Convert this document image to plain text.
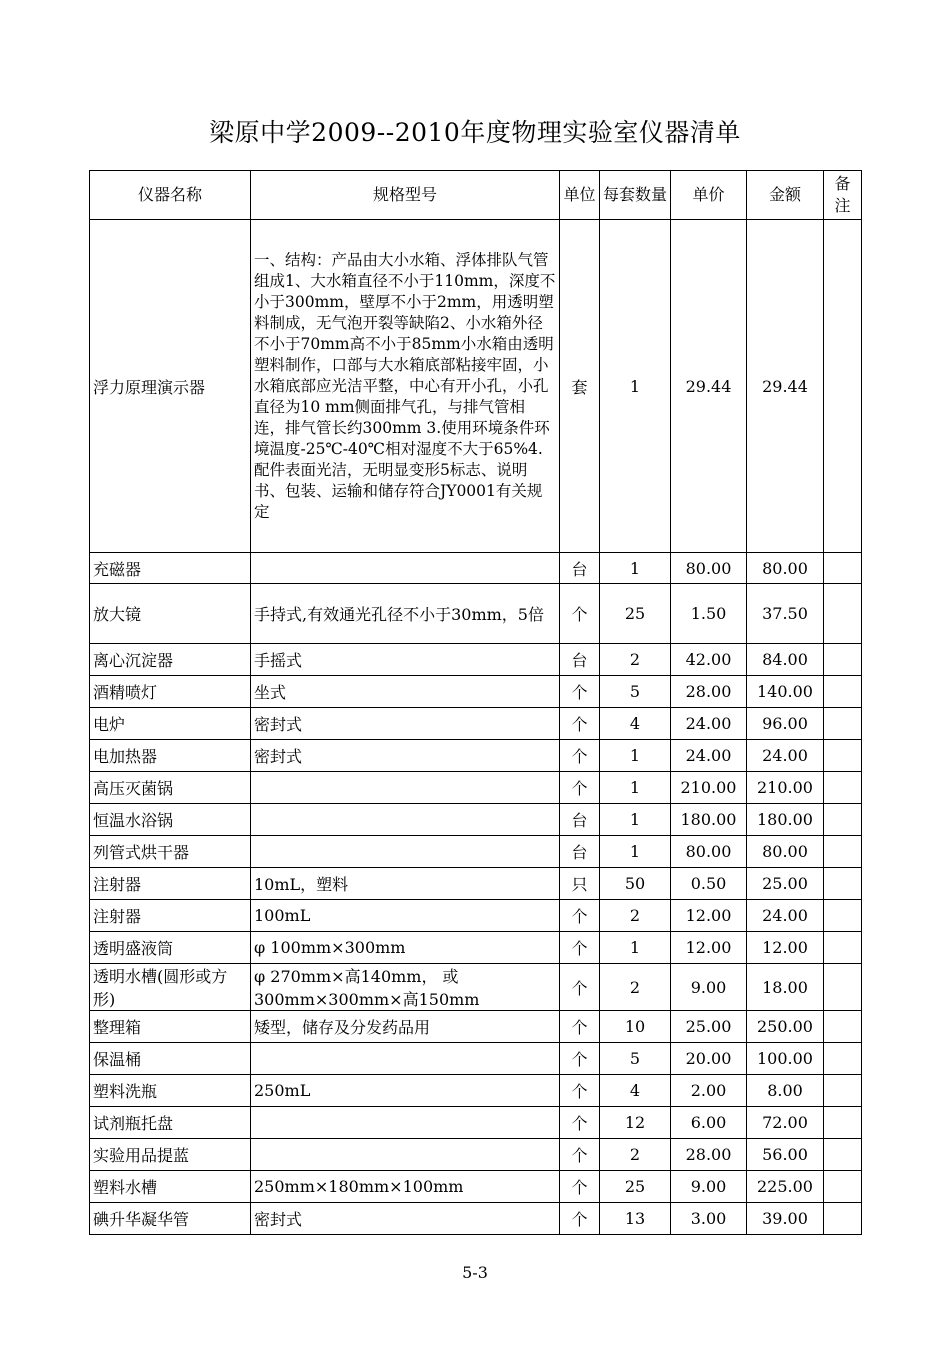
梁原中学2009--2010年度物理实验室仪器清单
仪器名称	规格型号	单位	每套数量	单价	金额	备注
浮力原理演示器	一、结构：产品由大小水箱、浮体排队气管组成1、大水箱直径不小于110mm，深度不小于300mm，壁厚不小于2mm，用透明塑料制成，无气泡开裂等缺陷2、小水箱外径不小于70mm高不小于85mm小水箱由透明塑料制作，口部与大水箱底部粘接牢固，小水箱底部应光洁平整，中心有开小孔，小孔直径为10 mm侧面排气孔，与排气管相连，排气管长约300mm 3.使用环境条件环境温度-25℃-40℃相对湿度不大于65%4.配件表面光洁，无明显变形5标志、说明书、包装、运输和储存符合JY0001有关规定	套	1	29.44	29.44	
充磁器		台	1	80.00	80.00	
放大镜	手持式,有效通光孔径不小于30mm，5倍	个	25	1.50	37.50	
离心沉淀器	手摇式	台	2	42.00	84.00	
酒精喷灯	坐式	个	5	28.00	140.00	
电炉	密封式	个	4	24.00	96.00	
电加热器	密封式	个	1	24.00	24.00	
高压灭菌锅		个	1	210.00	210.00	
恒温水浴锅		台	1	180.00	180.00	
列管式烘干器		台	1	80.00	80.00	
注射器	10mL，塑料	只	50	0.50	25.00	
注射器	100mL	个	2	12.00	24.00	
透明盛液筒	φ 100mm×300mm	个	1	12.00	12.00	
透明水槽(圆形或方形)	φ 270mm×高140mm， 或300mm×300mm×高150mm	个	2	9.00	18.00	
整理箱	矮型，储存及分发药品用	个	10	25.00	250.00	
保温桶		个	5	20.00	100.00	
塑料洗瓶	250mL	个	4	2.00	8.00	
试剂瓶托盘		个	12	6.00	72.00	
实验用品提蓝		个	2	28.00	56.00	
塑料水槽	250mm×180mm×100mm	个	25	9.00	225.00	
碘升华凝华管	密封式	个	13	3.00	39.00	
5-3
